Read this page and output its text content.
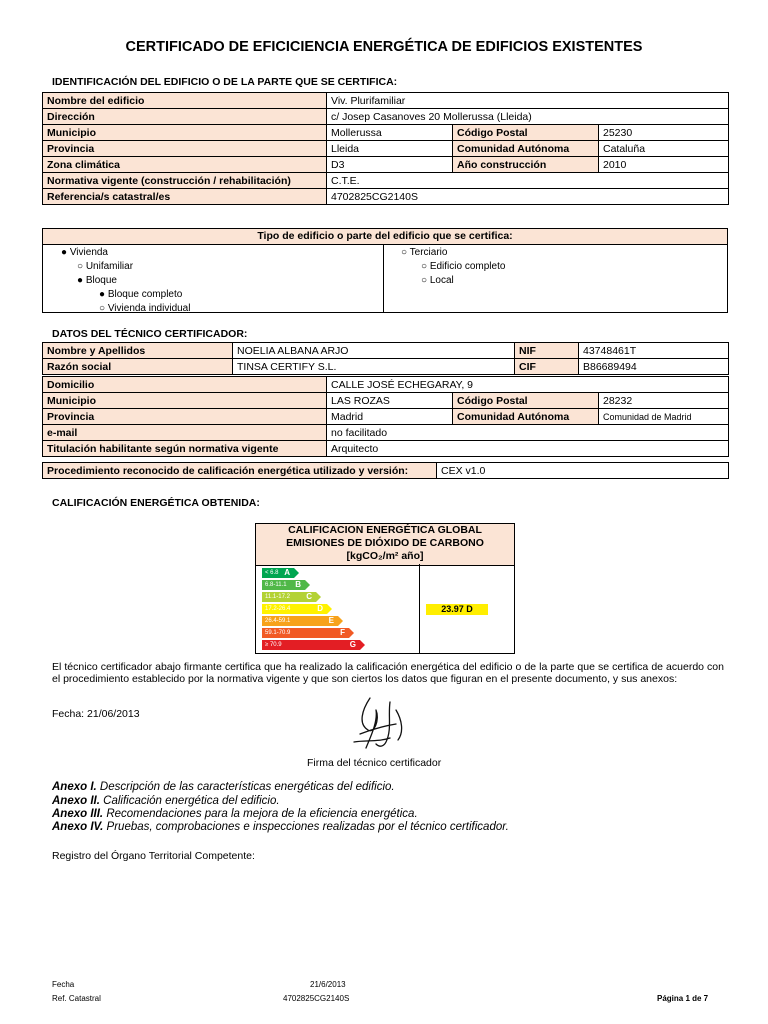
CERTIFICADO DE EFICICIENCIA ENERGÉTICA DE EDIFICIOS EXISTENTES
IDENTIFICACIÓN DEL EDIFICIO O DE LA PARTE QUE SE CERTIFICA:
Nombre del edificio	Viv. Plurifamiliar		
Dirección	c/ Josep Casanoves 20 Mollerussa (Lleida)		
Municipio	Mollerussa	Código Postal	25230
Provincia	Lleida	Comunidad Autónoma	Cataluña
Zona climática	D3	Año construcción	2010
Normativa vigente (construcción / rehabilitación)	C.T.E.		
Referencia/s catastral/es	4702825CG2140S		
Tipo de edificio o parte del edificio que se certifica:
● Vivienda
○ Unifamiliar
● Bloque
● Bloque completo
○ Vivienda individual
○ Terciario
○ Edificio completo
○ Local
DATOS DEL TÉCNICO CERTIFICADOR:
Nombre y Apellidos	NOELIA ALBANA ARJO	NIF	43748461T
Razón social	TINSA CERTIFY S.L.	CIF	B86689494
Domicilio	CALLE JOSÉ ECHEGARAY, 9		
Municipio	LAS ROZAS	Código Postal	28232
Provincia	Madrid	Comunidad Autónoma	Comunidad de Madrid
e-mail	no facilitado		
Titulación habilitante según normativa vigente	Arquitecto		
Procedimiento reconocido de calificación energética utilizado y versión:	CEX v1.0
CALIFICACIÓN ENERGÉTICA OBTENIDA:
CALIFICACION ENERGÉTICA GLOBAL
EMISIONES DE DIÓXIDO DE CARBONO
[kgCO₂/m² año]
< 6.8 A
6.8-11.1 B
11.1-17.2 C
17.2-26.4	D
26.4-59.1	E
59.1-70.9	F
≥ 70.9	G
23.97 D
El técnico certificador abajo firmante certifica que ha realizado la calificación energética del edificio o de la parte que se certifica de acuerdo con el procedimiento establecido por la normativa vigente y que son ciertos los datos que figuran en el presente documento, y sus anexos:
Fecha: 21/06/2013
Firma del técnico certificador
Anexo I. Descripción de las características energéticas del edificio.
Anexo II. Calificación energética del edificio.
Anexo III. Recomendaciones para la mejora de la eficiencia energética.
Anexo IV. Pruebas, comprobaciones e inspecciones realizadas por el técnico certificador.
Registro del Órgano Territorial Competente:
Fecha	21/6/2013
Ref. Catastral	4702825CG2140S	Página 1 de 7
